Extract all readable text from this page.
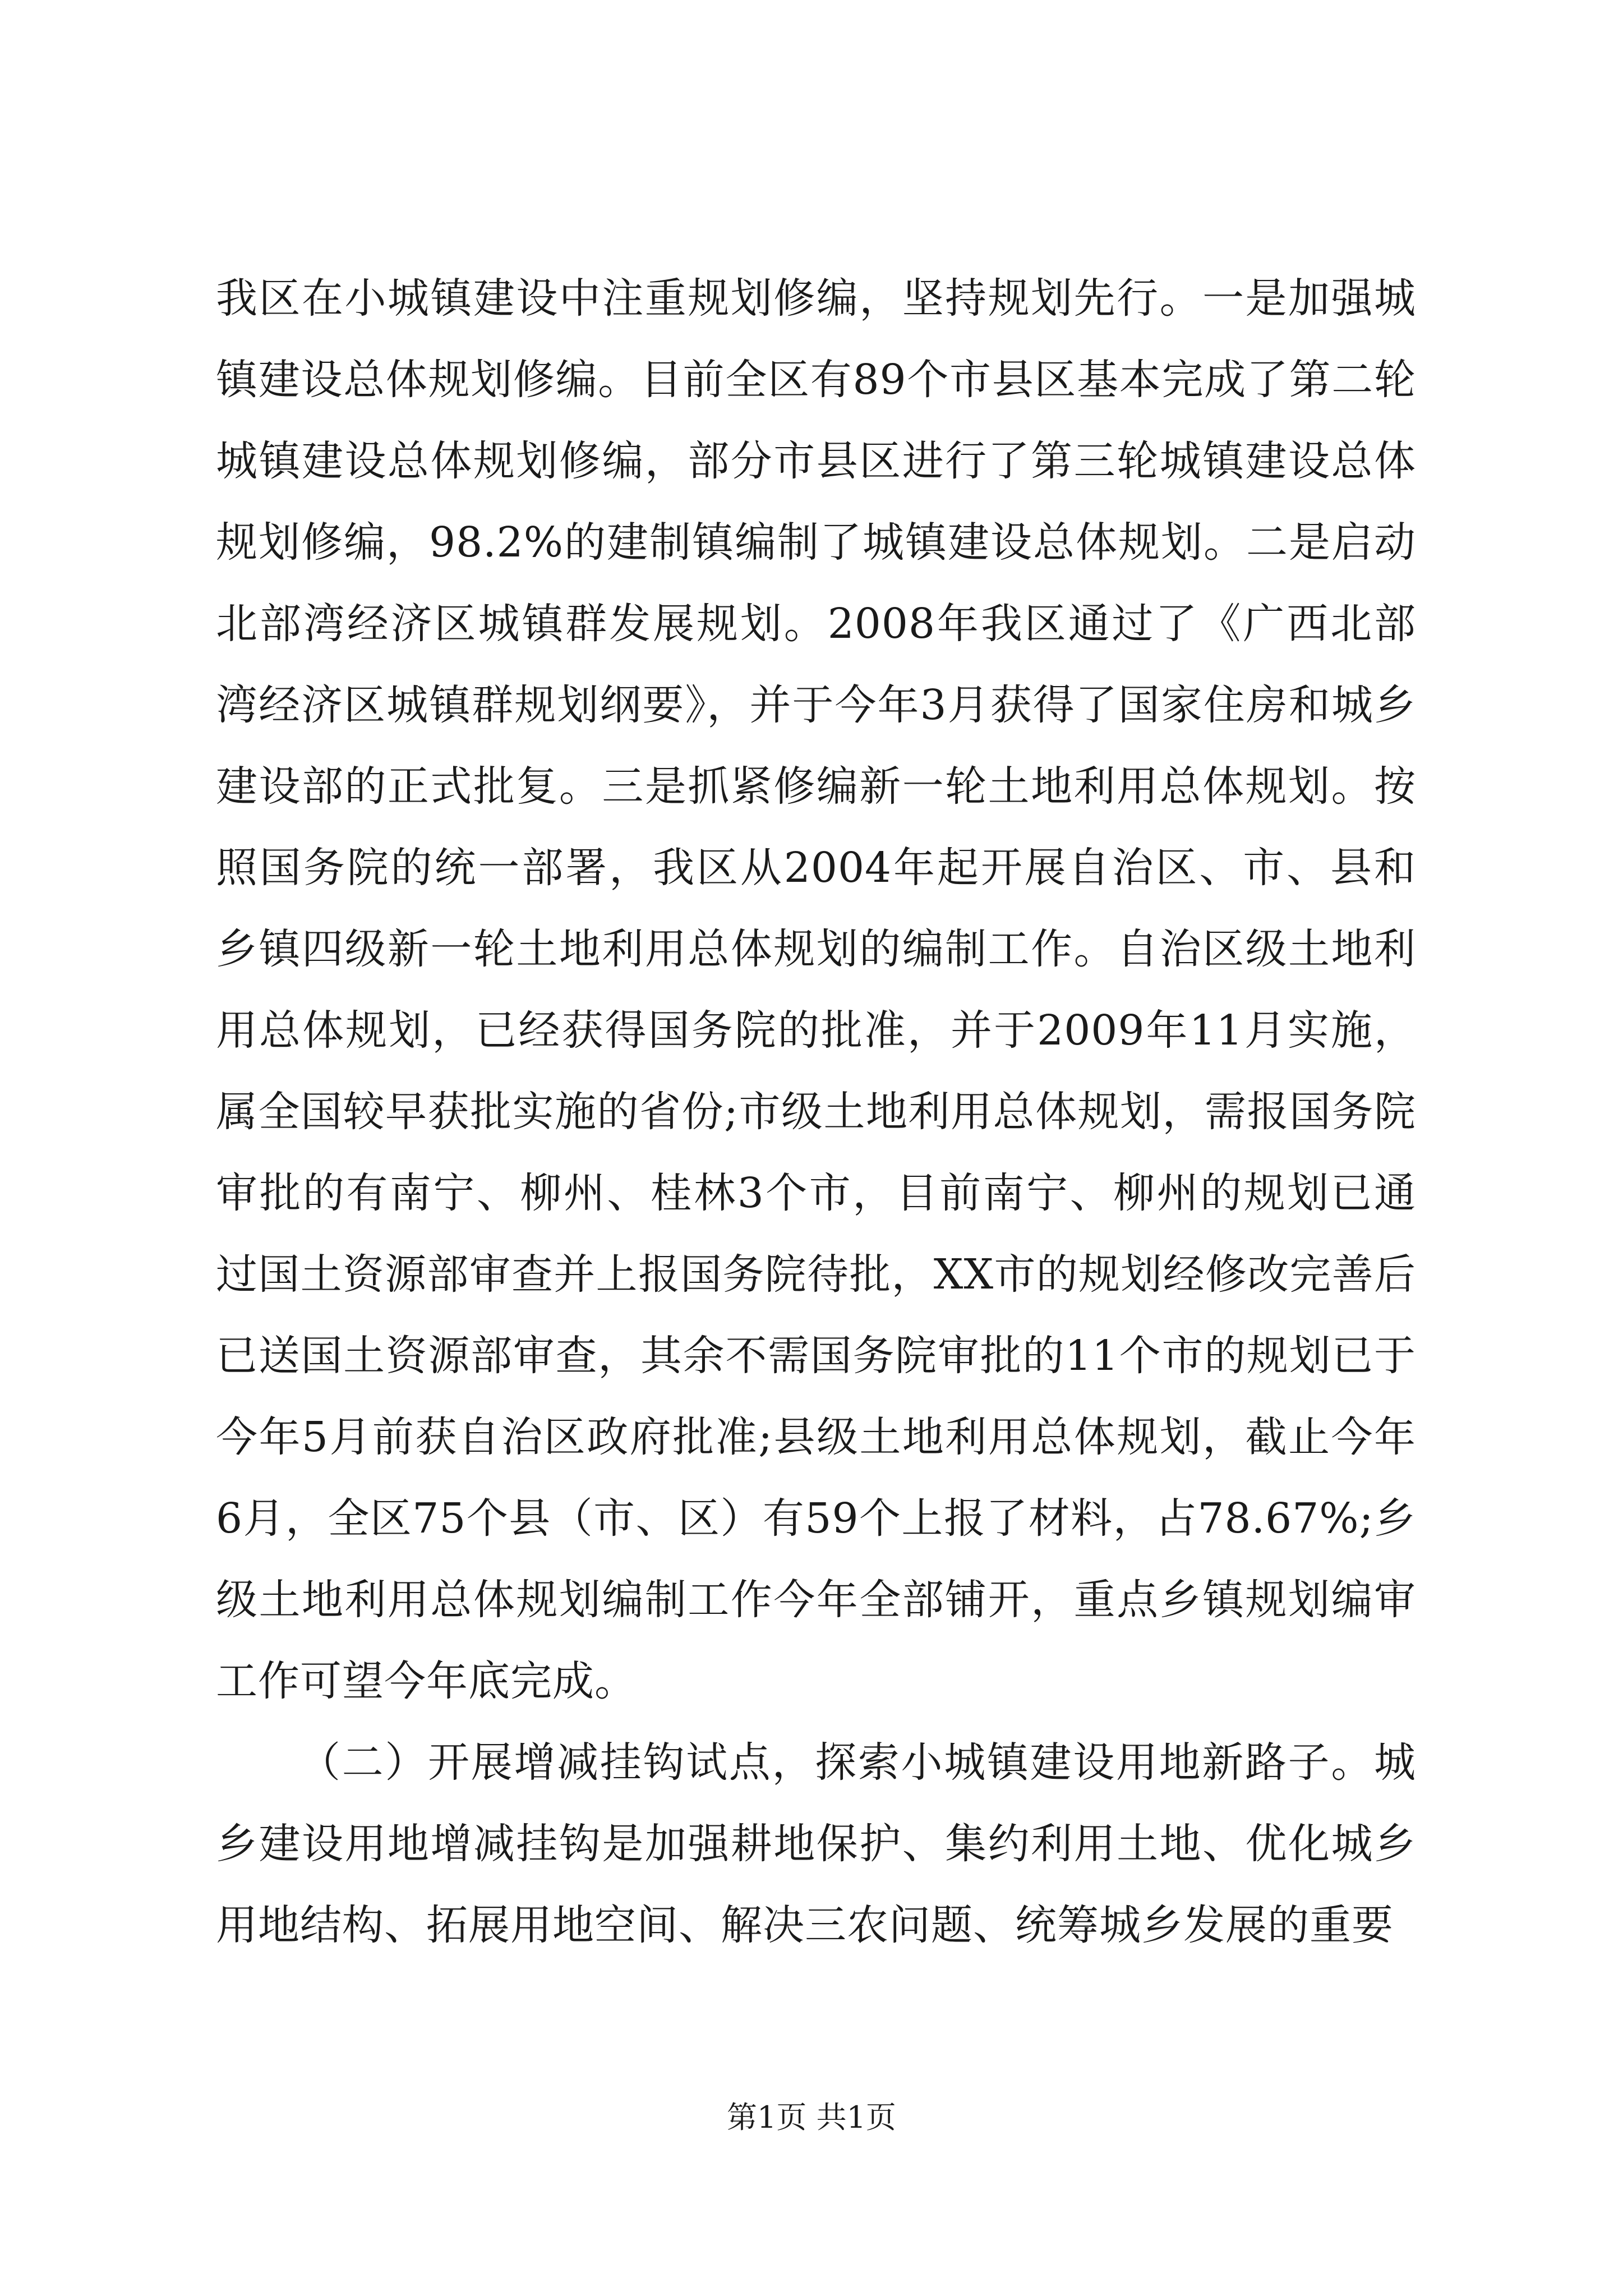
我区在小城镇建设中注重规划修编，坚持规划先行。一是加强城镇建设总体规划修编。目前全区有89个市县区基本完成了第二轮城镇建设总体规划修编，部分市县区进行了第三轮城镇建设总体规划修编，98.2%的建制镇编制了城镇建设总体规划。二是启动北部湾经济区城镇群发展规划。2008年我区通过了《广西北部湾经济区城镇群规划纲要》，并于今年3月获得了国家住房和城乡建设部的正式批复。三是抓紧修编新一轮土地利用总体规划。按照国务院的统一部署，我区从2004年起开展自治区、市、县和乡镇四级新一轮土地利用总体规划的编制工作。自治区级土地利用总体规划，已经获得国务院的批准，并于2009年11月实施，属全国较早获批实施的省份;市级土地利用总体规划，需报国务院审批的有南宁、柳州、桂林3个市，目前南宁、柳州的规划已通过国土资源部审查并上报国务院待批，XX市的规划经修改完善后已送国土资源部审查，其余不需国务院审批的11个市的规划已于今年5月前获自治区政府批准;县级土地利用总体规划，截止今年6月，全区75个县（市、区）有59个上报了材料，占78.67%;乡级土地利用总体规划编制工作今年全部铺开，重点乡镇规划编审工作可望今年底完成。

（二）开展增减挂钩试点，探索小城镇建设用地新路子。城乡建设用地增减挂钩是加强耕地保护、集约利用土地、优化城乡用地结构、拓展用地空间、解决三农问题、统筹城乡发展的重要

第1页 共1页
